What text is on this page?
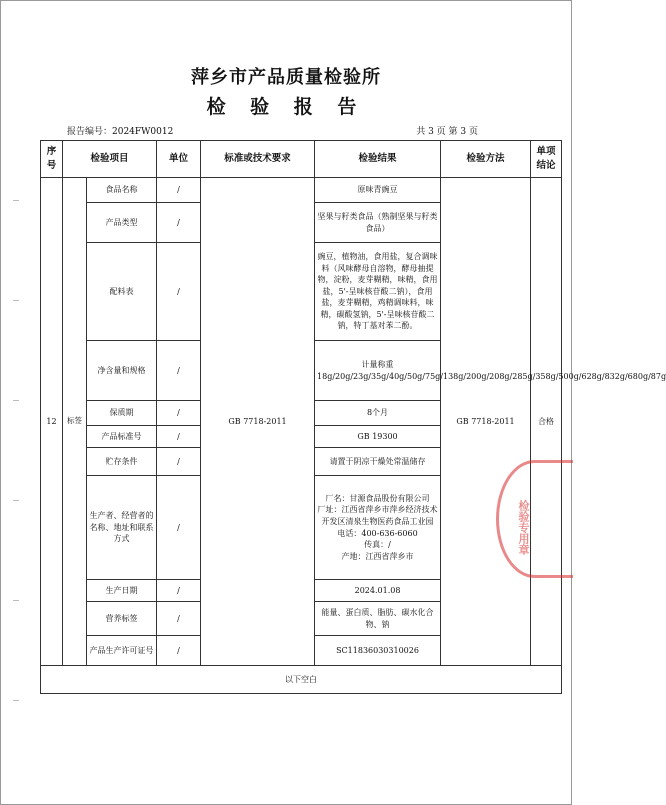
萍乡市产品质量检验所
检 验 报 告
报告编号：2024FW0012	共 3 页 第 3 页
序号	检验项目		单位	标准或技术要求	检验结果	检验方法	单项结论
12	标签	食品名称	/	GB 7718-2011	原味青豌豆	GB 7718-2011	合格
		产品类型	/		坚果与籽类食品（熟制坚果与籽类食品）		
		配料表	/		豌豆，植物油，食用盐，复合调味料（风味酵母自溶物，酵母抽提物，淀粉，麦芽糊精，味精，食用盐，5'-呈味核苷酸二钠），食用盐，麦芽糊精，鸡精调味料，味精，碳酸氢钠，5'-呈味核苷酸二钠，特丁基对苯二酚。		
		净含量和规格	/		计量称重 18g/20g/23g/35g/40g/50g/75g/138g/200g/208g/285g/358g/500g/628g/832g/680g/87g		
		保质期	/		8个月		
		产品标准号	/		GB 19300		
		贮存条件	/		请置于阴凉干燥处常温储存		
		生产者、经营者的名称、地址和联系方式	/		厂名：甘源食品股份有限公司
厂址：江西省萍乡市萍乡经济技术开发区清泉生物医药食品工业园
电话：400-636-6060
传真：/
产地：江西省萍乡市		

		生产日期	/		2024.01.08		
		营养标签	/		能量、蛋白质、脂肪、碳水化合物、钠		
		产品生产许可证号	/		SC11836030310026		
以下空白							
检验专用章
